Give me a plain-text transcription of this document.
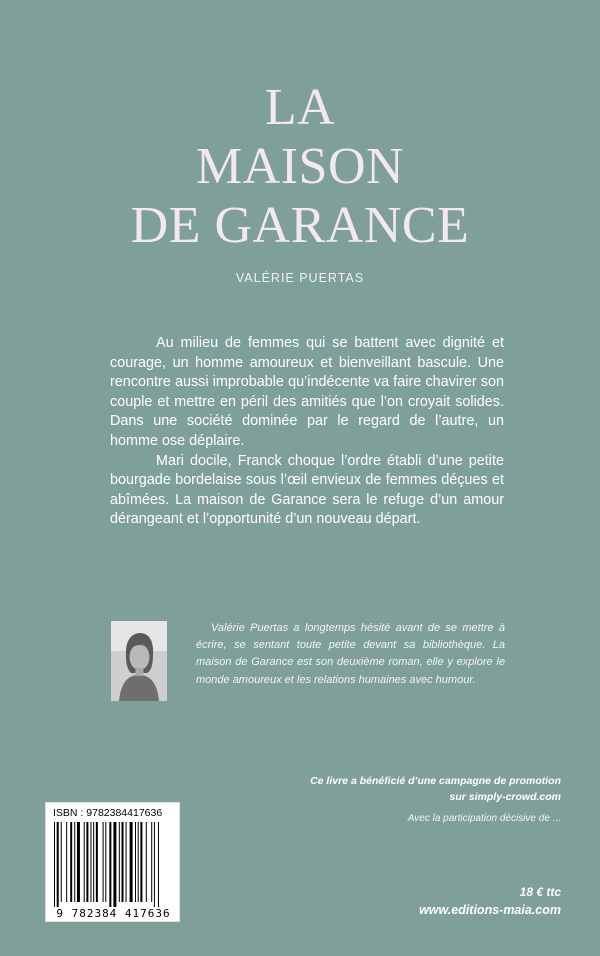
LA
MAISON
DE GARANCE
VALÉRIE PUERTAS

Au milieu de femmes qui se battent avec dignité et courage, un homme amoureux et bienveillant bascule. Une rencontre aussi improbable qu’indécente va faire chavirer son couple et mettre en péril des amitiés que l’on croyait solides. Dans une société dominée par le regard de l’autre, un homme ose déplaire.

Mari docile, Franck choque l’ordre établi d’une petite bourgade bordelaise sous l’œil envieux de femmes déçues et abîmées. La maison de Garance sera le refuge d’un amour dérangeant et l’opportunité d’un nouveau départ.

Valérie Puertas a longtemps hésité avant de se mettre à écrire, se sentant toute petite devant sa bibliothèque. La maison de Garance est son deuxième roman, elle y explore le monde amoureux et les relations humaines avec humour.

Ce livre a bénéficié d’une campagne de promotion
sur simply-crowd.com
Avec la participation décisive de ...
18 € ttc
www.editions-maia.com
ISBN : 9782384417636
9 782384 417636
